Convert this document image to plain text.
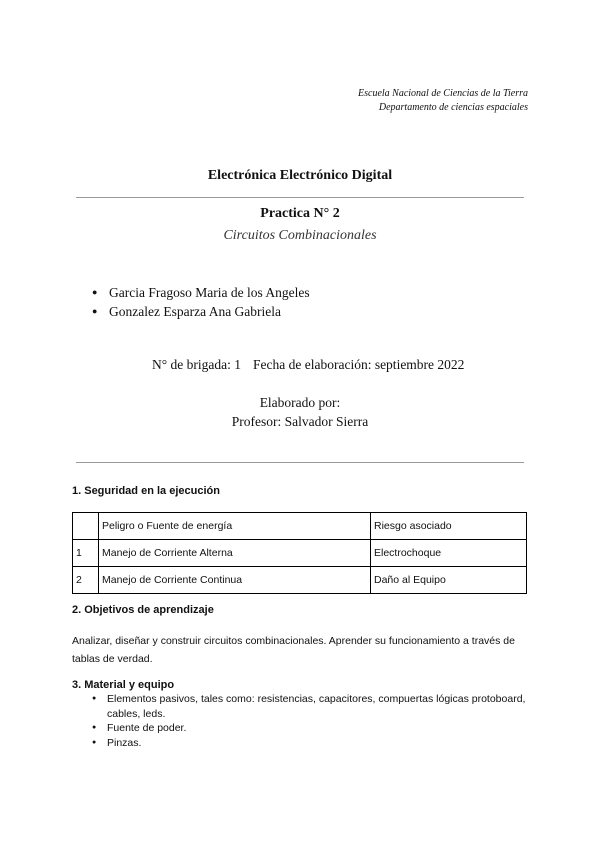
Escuela Nacional de Ciencias de la Tierra
Departamento de ciencias espaciales
Electrónica Electrónico Digital
Practica N° 2
Circuitos Combinacionales
● Garcia Fragoso Maria de los Angeles
● Gonzalez Esparza Ana Gabriela
N° de brigada: 1 Fecha de elaboración: septiembre 2022
Elaborado por:
Profesor: Salvador Sierra
1. Seguridad en la ejecución
	Peligro o Fuente de energía	Riesgo asociado
1	Manejo de Corriente Alterna	Electrochoque
2	Manejo de Corriente Continua	Daño al Equipo
2. Objetivos de aprendizaje
Analizar, diseñar y construir circuitos combinacionales. Aprender su funcionamiento a través de tablas de verdad.
3. Material y equipo
● Elementos pasivos, tales como: resistencias, capacitores, compuertas lógicas protoboard, cables, leds.
● Fuente de poder.
● Pinzas.
